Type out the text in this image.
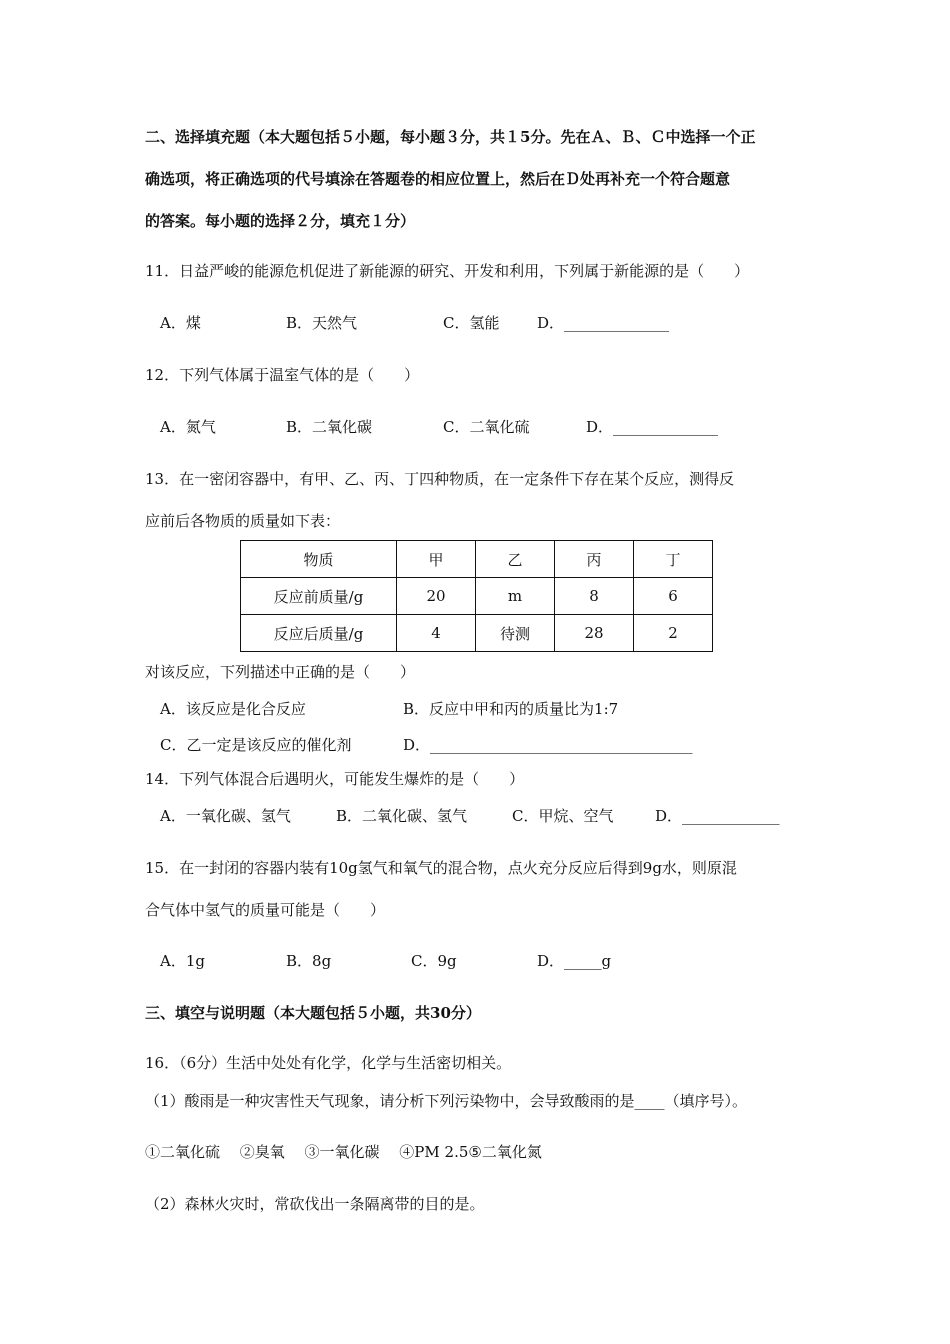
二、选择填充题（本大题包括５小题，每小题３分，共１5分。先在Ａ、Ｂ、Ｃ中选择一个正
确选项，将正确选项的代号填涂在答题卷的相应位置上，然后在Ｄ处再补充一个符合题意
的答案。每小题的选择２分，填充１分）
11．日益严峻的能源危机促进了新能源的研究、开发和利用，下列属于新能源的是（　　）
A．煤	B．天然气	C．氢能	D．______________
12．下列气体属于温室气体的是（　　）
A．氮气	B．二氧化碳	C．二氧化硫	D．______________
13．在一密闭容器中，有甲、乙、丙、丁四种物质，在一定条件下存在某个反应，测得反
应前后各物质的质量如下表：
物质	甲	乙	丙	丁
反应前质量/g	20	m	8	6
反应后质量/g	4	待测	28	2
对该反应，下列描述中正确的是（　　）
A．该反应是化合反应	B．反应中甲和丙的质量比为1:7
C．乙一定是该反应的催化剂	D．___________________________________
14．下列气体混合后遇明火，可能发生爆炸的是（　　）
A．一氧化碳、氢气	B．二氧化碳、氢气	C．甲烷、空气	D．_____________
15．在一封闭的容器内装有10g氢气和氧气的混合物，点火充分反应后得到9g水，则原混
合气体中氢气的质量可能是（　　）
A．1g	B．8g	C．9g	D．_____g
三、填空与说明题（本大题包括５小题，共30分）
16．（6分）生活中处处有化学，化学与生活密切相关。
（1）酸雨是一种灾害性天气现象，请分析下列污染物中，会导致酸雨的是____（填序号）。
①二氧化硫　 ②臭氧　 ③一氧化碳　 ④PM 2.5⑤二氧化氮
（2）森林火灾时，常砍伐出一条隔离带的目的是。
